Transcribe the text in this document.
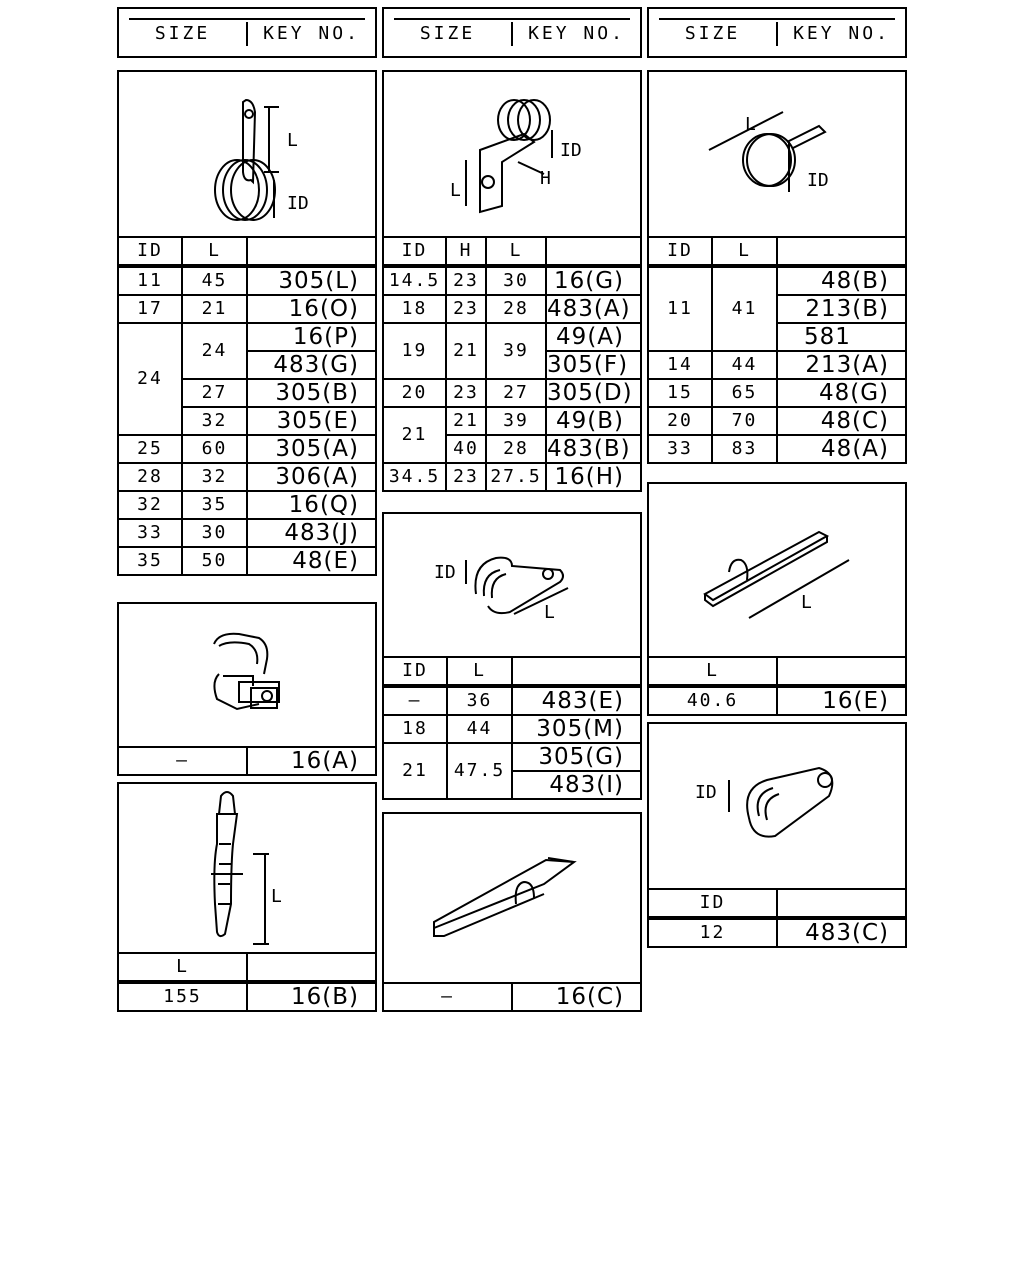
SIZE	KEY NO.	SIZE	KEY NO.	SIZE	KEY NO.
L
ID
ID	L	
11	45	305(L)
17	21	16(O)
24	24	16(P)
		483(G)
	27	305(B)
	32	305(E)
25	60	305(A)
28	32	306(A)
32	35	16(Q)
33	30	483(J)
35	50	48(E)
—	16(A)
L
L	
155	16(B)
L
H
ID
ID	H	L	
14.5	23	30	16(G)
18	23	28	483(A)
19	21	39	49(A)
			305(F)
20	23	27	305(D)
21	21	39	49(B)
	40	28	483(B)
34.5	23	27.5	16(H)
ID
L
ID	L	
—	36	483(E)
18	44	305(M)
21	47.5	305(G)
		483(I)
—	16(C)
L
ID
ID	L	
11	41	48(B)
		213(B)
		581
14	44	213(A)
15	65	48(G)
20	70	48(C)
33	83	48(A)
L
L	
40.6	16(E)
ID
ID	
12	483(C)
